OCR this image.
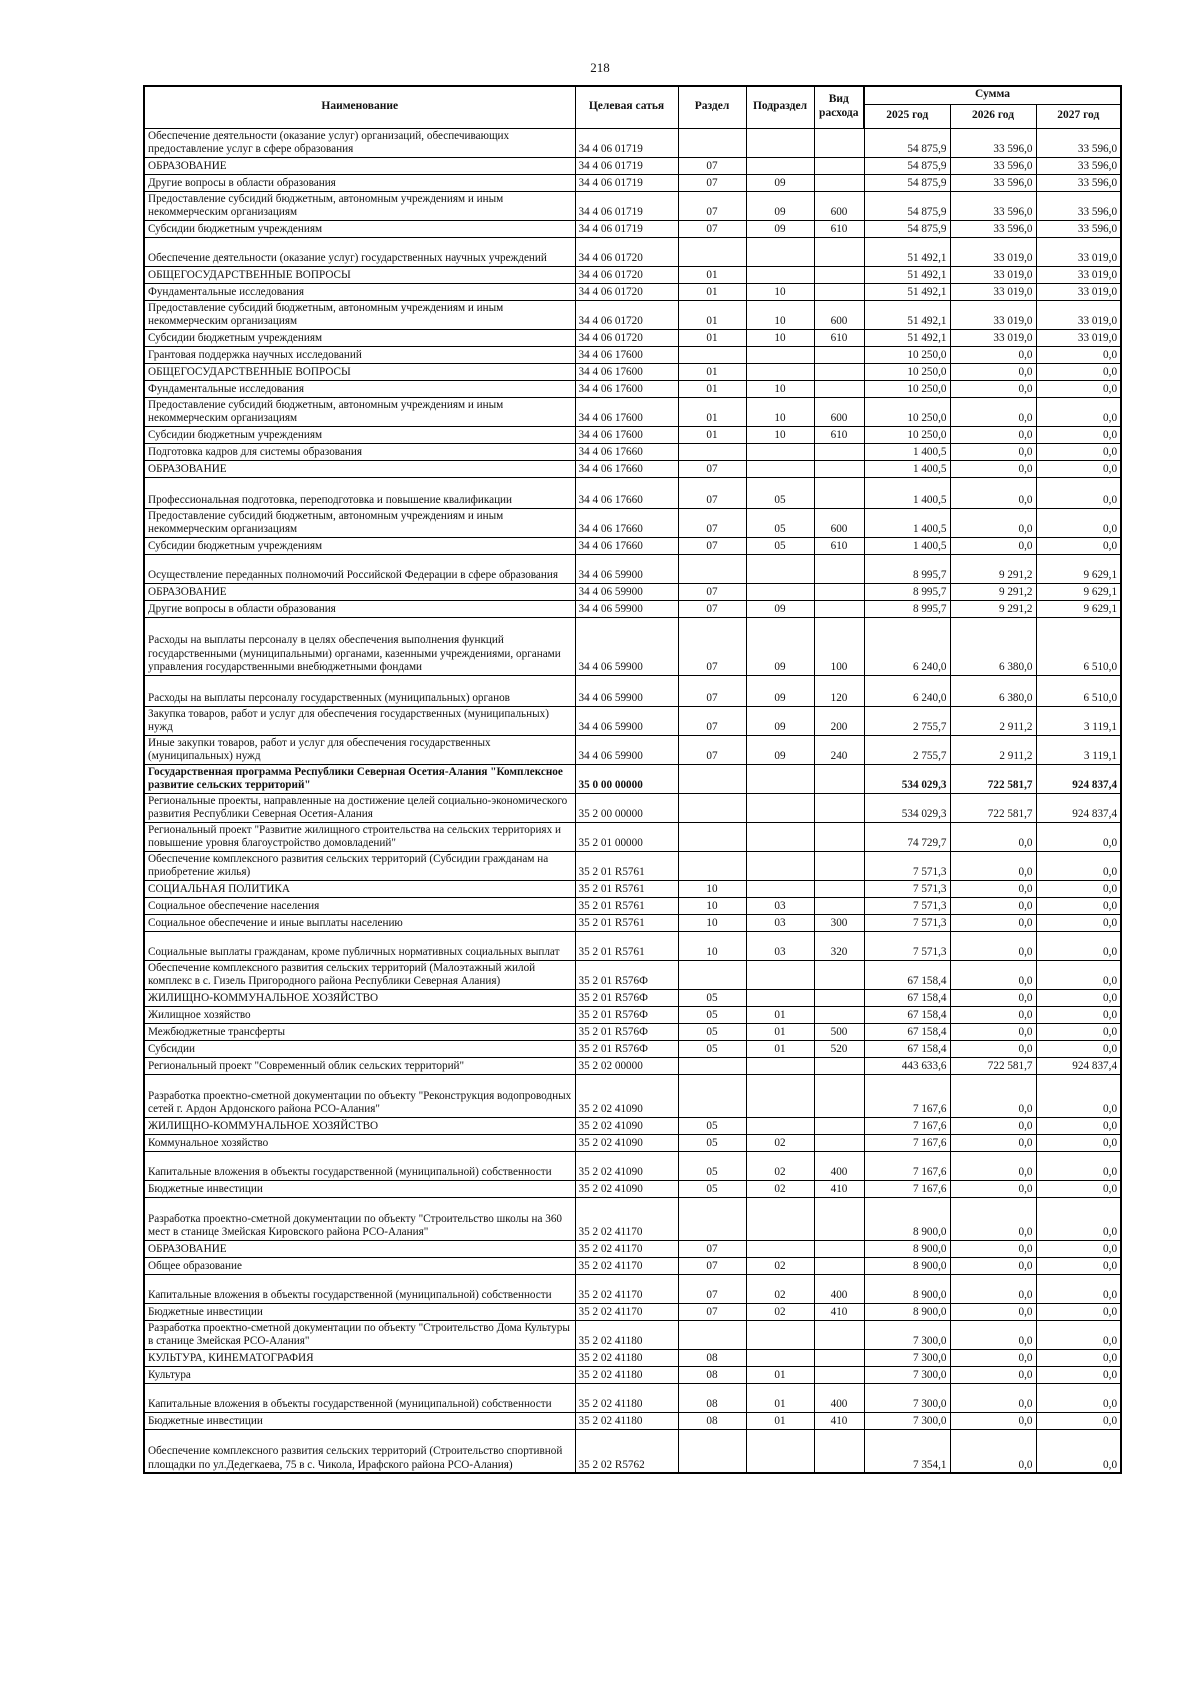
218
Наименование	Целевая сатья	Раздел	Подраздел	Вид расхода	Сумма		
					2025 год	2026 год	2027 год
Обеспечение деятельности (оказание услуг) организаций, обеспечивающих предоставление услуг в сфере образования	34 4 06 01719				54 875,9	33 596,0	33 596,0
ОБРАЗОВАНИЕ	34 4 06 01719	07			54 875,9	33 596,0	33 596,0
Другие вопросы в области образования	34 4 06 01719	07	09		54 875,9	33 596,0	33 596,0
Предоставление субсидий бюджетным, автономным учреждениям и иным некоммерческим организациям	34 4 06 01719	07	09	600	54 875,9	33 596,0	33 596,0
Субсидии бюджетным учреждениям	34 4 06 01719	07	09	610	54 875,9	33 596,0	33 596,0
Обеспечение деятельности (оказание услуг) государственных научных учреждений	34 4 06 01720				51 492,1	33 019,0	33 019,0
ОБЩЕГОСУДАРСТВЕННЫЕ ВОПРОСЫ	34 4 06 01720	01			51 492,1	33 019,0	33 019,0
Фундаментальные исследования	34 4 06 01720	01	10		51 492,1	33 019,0	33 019,0
Предоставление субсидий бюджетным, автономным учреждениям и иным некоммерческим организациям	34 4 06 01720	01	10	600	51 492,1	33 019,0	33 019,0
Субсидии бюджетным учреждениям	34 4 06 01720	01	10	610	51 492,1	33 019,0	33 019,0
Грантовая поддержка научных исследований	34 4 06 17600				10 250,0	0,0	0,0
ОБЩЕГОСУДАРСТВЕННЫЕ ВОПРОСЫ	34 4 06 17600	01			10 250,0	0,0	0,0
Фундаментальные исследования	34 4 06 17600	01	10		10 250,0	0,0	0,0
Предоставление субсидий бюджетным, автономным учреждениям и иным некоммерческим организациям	34 4 06 17600	01	10	600	10 250,0	0,0	0,0
Субсидии бюджетным учреждениям	34 4 06 17600	01	10	610	10 250,0	0,0	0,0
Подготовка кадров для системы образования	34 4 06 17660				1 400,5	0,0	0,0
ОБРАЗОВАНИЕ	34 4 06 17660	07			1 400,5	0,0	0,0
Профессиональная подготовка, переподготовка и повышение квалификации	34 4 06 17660	07	05		1 400,5	0,0	0,0
Предоставление субсидий бюджетным, автономным учреждениям и иным некоммерческим организациям	34 4 06 17660	07	05	600	1 400,5	0,0	0,0
Субсидии бюджетным учреждениям	34 4 06 17660	07	05	610	1 400,5	0,0	0,0
Осуществление переданных полномочий Российской Федерации в сфере образования	34 4 06 59900				8 995,7	9 291,2	9 629,1
ОБРАЗОВАНИЕ	34 4 06 59900	07			8 995,7	9 291,2	9 629,1
Другие вопросы в области образования	34 4 06 59900	07	09		8 995,7	9 291,2	9 629,1
Расходы на выплаты персоналу в целях обеспечения выполнения функций государственными (муниципальными) органами, казенными учреждениями, органами управления государственными внебюджетными фондами	34 4 06 59900	07	09	100	6 240,0	6 380,0	6 510,0
Расходы на выплаты персоналу государственных (муниципальных) органов	34 4 06 59900	07	09	120	6 240,0	6 380,0	6 510,0
Закупка товаров, работ и услуг для обеспечения государственных (муниципальных) нужд	34 4 06 59900	07	09	200	2 755,7	2 911,2	3 119,1
Иные закупки товаров, работ и услуг для обеспечения государственных (муниципальных) нужд	34 4 06 59900	07	09	240	2 755,7	2 911,2	3 119,1
Государственная программа Республики Северная Осетия-Алания "Комплексное развитие сельских территорий"	35 0 00 00000				534 029,3	722 581,7	924 837,4
Региональные проекты, направленные на достижение целей социально-экономического развития Республики Северная Осетия-Алания	35 2 00 00000				534 029,3	722 581,7	924 837,4
Региональный проект "Развитие жилищного строительства на сельских территориях и повышение уровня благоустройство домовладений"	35 2 01 00000				74 729,7	0,0	0,0
Обеспечение комплексного развития сельских территорий (Субсидии гражданам на приобретение жилья)	35 2 01 R5761				7 571,3	0,0	0,0
СОЦИАЛЬНАЯ ПОЛИТИКА	35 2 01 R5761	10			7 571,3	0,0	0,0
Социальное обеспечение населения	35 2 01 R5761	10	03		7 571,3	0,0	0,0
Социальное обеспечение и иные выплаты населению	35 2 01 R5761	10	03	300	7 571,3	0,0	0,0
Социальные выплаты гражданам, кроме публичных нормативных социальных выплат	35 2 01 R5761	10	03	320	7 571,3	0,0	0,0
Обеспечение комплексного развития сельских территорий (Малоэтажный жилой комплекс в с. Гизель Пригородного района Республики Северная Алания)	35 2 01 R576Ф				67 158,4	0,0	0,0
ЖИЛИЩНО-КОММУНАЛЬНОЕ ХОЗЯЙСТВО	35 2 01 R576Ф	05			67 158,4	0,0	0,0
Жилищное хозяйство	35 2 01 R576Ф	05	01		67 158,4	0,0	0,0
Межбюджетные трансферты	35 2 01 R576Ф	05	01	500	67 158,4	0,0	0,0
Субсидии	35 2 01 R576Ф	05	01	520	67 158,4	0,0	0,0
Региональный проект "Современный облик сельских территорий"	35 2 02 00000				443 633,6	722 581,7	924 837,4
Разработка проектно-сметной документации по объекту "Реконструкция водопроводных сетей г. Ардон Ардонского района РСО-Алания"	35 2 02 41090				7 167,6	0,0	0,0
ЖИЛИЩНО-КОММУНАЛЬНОЕ ХОЗЯЙСТВО	35 2 02 41090	05			7 167,6	0,0	0,0
Коммунальное хозяйство	35 2 02 41090	05	02		7 167,6	0,0	0,0
Капитальные вложения в объекты государственной (муниципальной) собственности	35 2 02 41090	05	02	400	7 167,6	0,0	0,0
Бюджетные инвестиции	35 2 02 41090	05	02	410	7 167,6	0,0	0,0
Разработка проектно-сметной документации по объекту "Строительство школы на 360 мест в станице Змейская Кировского района РСО-Алания"	35 2 02 41170				8 900,0	0,0	0,0
ОБРАЗОВАНИЕ	35 2 02 41170	07			8 900,0	0,0	0,0
Общее образование	35 2 02 41170	07	02		8 900,0	0,0	0,0
Капитальные вложения в объекты государственной (муниципальной) собственности	35 2 02 41170	07	02	400	8 900,0	0,0	0,0
Бюджетные инвестиции	35 2 02 41170	07	02	410	8 900,0	0,0	0,0
Разработка проектно-сметной документации по объекту "Строительство Дома Культуры в станице Змейская РСО-Алания"	35 2 02 41180				7 300,0	0,0	0,0
КУЛЬТУРА, КИНЕМАТОГРАФИЯ	35 2 02 41180	08			7 300,0	0,0	0,0
Культура	35 2 02 41180	08	01		7 300,0	0,0	0,0
Капитальные вложения в объекты государственной (муниципальной) собственности	35 2 02 41180	08	01	400	7 300,0	0,0	0,0
Бюджетные инвестиции	35 2 02 41180	08	01	410	7 300,0	0,0	0,0
Обеспечение комплексного развития сельских территорий (Строительство спортивной площадки по ул.Дедегкаева, 75 в с. Чикола, Ирафского района РСО-Алания)	35 2 02 R5762				7 354,1	0,0	0,0
